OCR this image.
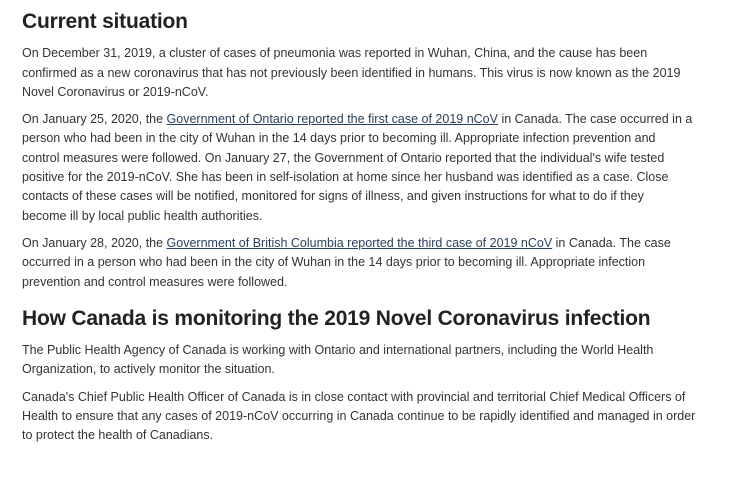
Current situation

On December 31, 2019, a cluster of cases of pneumonia was reported in Wuhan, China, and the cause has been
confirmed as a new coronavirus that has not previously been identified in humans. This virus is now known as the 2019
Novel Coronavirus or 2019-nCoV.

On January 25, 2020, the Government of Ontario reported the first case of 2019 nCoV in Canada. The case occurred in a
person who had been in the city of Wuhan in the 14 days prior to becoming ill. Appropriate infection prevention and
control measures were followed. On January 27, the Government of Ontario reported that the individual's wife tested
positive for the 2019-nCoV. She has been in self-isolation at home since her husband was identified as a case. Close
contacts of these cases will be notified, monitored for signs of illness, and given instructions for what to do if they
become ill by local public health authorities.

On January 28, 2020, the Government of British Columbia reported the third case of 2019 nCoV in Canada. The case
occurred in a person who had been in the city of Wuhan in the 14 days prior to becoming ill. Appropriate infection
prevention and control measures were followed.

How Canada is monitoring the 2019 Novel Coronavirus infection

The Public Health Agency of Canada is working with Ontario and international partners, including the World Health
Organization, to actively monitor the situation.

Canada's Chief Public Health Officer of Canada is in close contact with provincial and territorial Chief Medical Officers of
Health to ensure that any cases of 2019-nCoV occurring in Canada continue to be rapidly identified and managed in order
to protect the health of Canadians.
